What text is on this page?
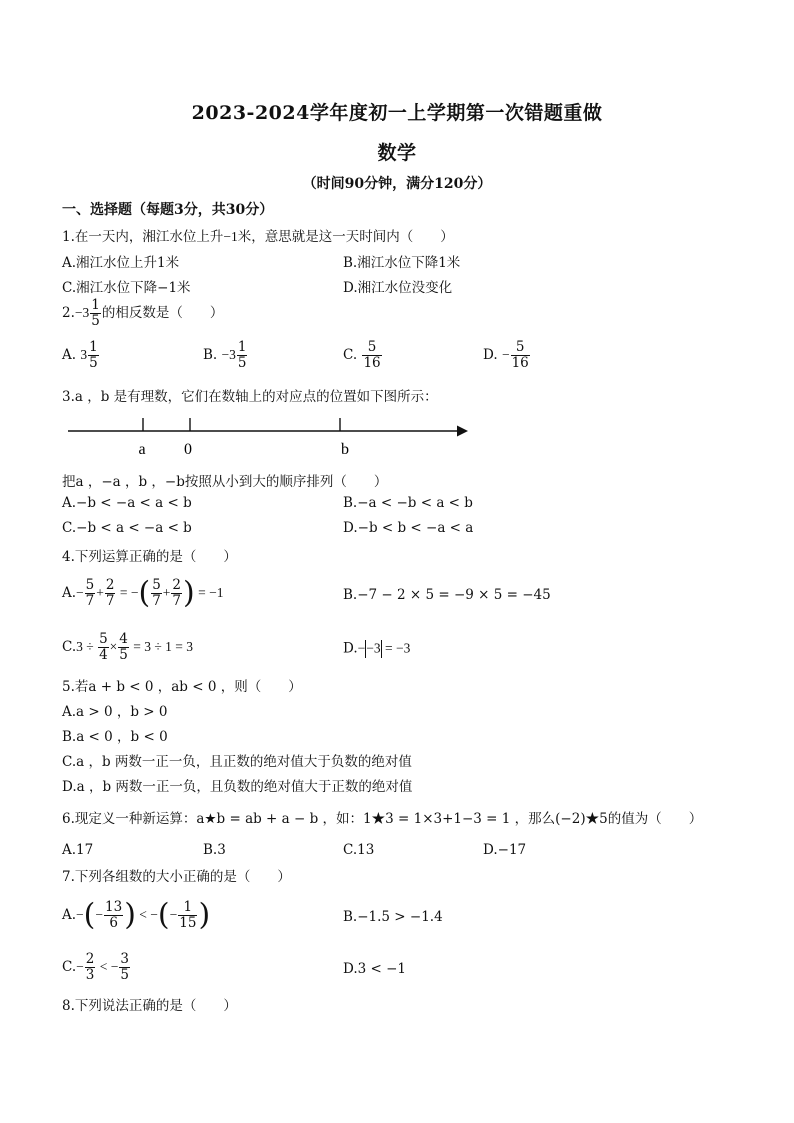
2023-2024学年度初一上学期第一次错题重做
数学
（时间90分钟，满分120分）
一、选择题（每题3分，共30分）
1.在一天内，湘江水位上升−1米，意思就是这一天时间内（　　）
A.湘江水位上升1米	B.湘江水位下降1米
C.湘江水位下降−1米	D.湘江水位没变化
$2.-3 \frac{1}{5}$ 的相反数是（　　）
A. $3 \frac{1}{5}$	B. $-3 \frac{1}{5}$	C. $\frac{5}{16}$	D. − $\frac{5}{16}$
3.a ，b 是有理数，它们在数轴上的对应点的位置如下图所示：
a 0	b
把a ，−a ，b ，−b按照从小到大的顺序排列（　　）
A.−b < −a < a < b	B.−a < −b < a < b
C.−b < a < −a < b	D.−b < b < −a < a
4.下列运算正确的是（　　）
$A.- \frac{5}{7} + \frac{2}{7}$ = −( $\frac{5}{7} + \frac{2}{7}$ ) = −1	B.−7 − 2 × 5 = −9 × 5 = −45
$C.3 \div \frac{5}{4} \times \frac{4}{5} = 3 \div 1 = 3$	D.−−3 = −3
5.若a + b < 0 ，ab < 0 ，则（　　）
A.a > 0 ，b > 0
B.a < 0 ，b < 0
C.a ，b 两数一正一负，且正数的绝对值大于负数的绝对值
D.a ，b 两数一正一负，且负数的绝对值大于正数的绝对值
6.现定义一种新运算：a★b = ab + a − b ，如：1★3 = 1×3+1−3 = 1 ，那么(−2)★5的值为（　　）
A.17	B.3	C.13	D.−17
7.下列各组数的大小正确的是（　　）
$A.-(- \frac{13}{6}$ ) < −(− $\frac{1}{15}$ )	B.−1.5 > −1.4
$C.- \frac{2}{3}$ < − $\frac{3}{5}$	D.3 < −1
8.下列说法正确的是（　　）
